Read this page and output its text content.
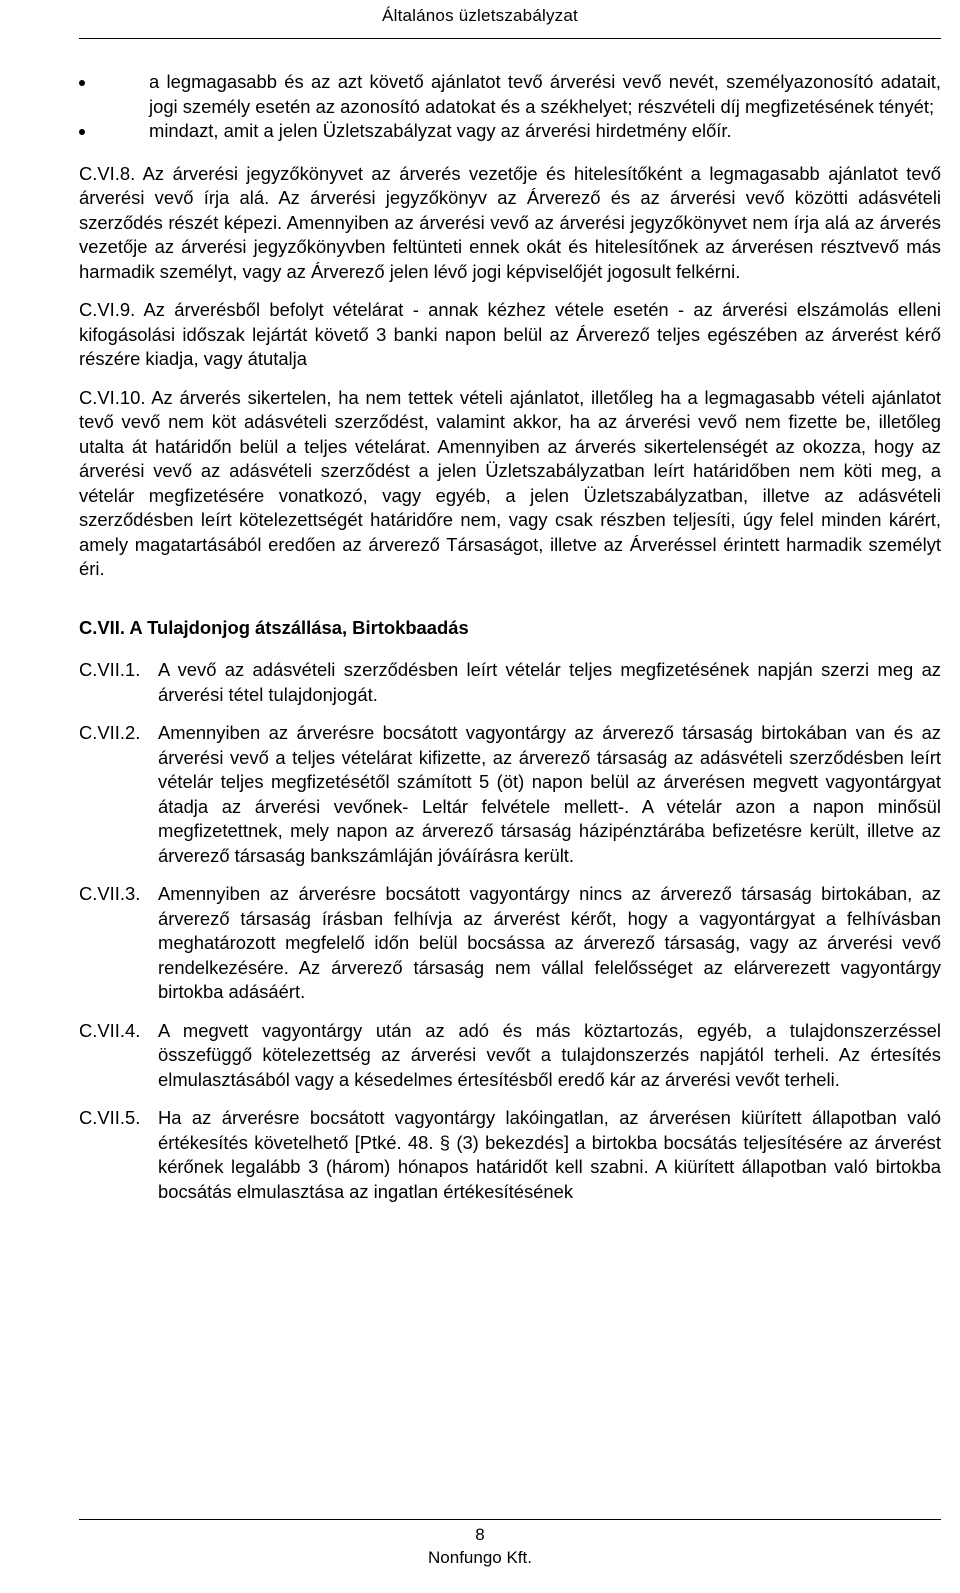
Általános üzletszabályzat
a legmagasabb és az azt követő ajánlatot tevő árverési vevő nevét, személyazonosító adatait, jogi személy esetén az azonosító adatokat és a székhelyet; részvételi díj megfizetésének tényét;
mindazt, amit a jelen Üzletszabályzat vagy az árverési hirdetmény előír.
C.VI.8. Az árverési jegyzőkönyvet az árverés vezetője és hitelesítőként a legmagasabb ajánlatot tevő árverési vevő írja alá. Az árverési jegyzőkönyv az Árverező és az árverési vevő közötti adásvételi szerződés részét képezi. Amennyiben az árverési vevő az árverési jegyzőkönyvet nem írja alá az árverés vezetője az árverési jegyzőkönyvben feltünteti ennek okát és hitelesítőnek az árverésen résztvevő más harmadik személyt, vagy az Árverező jelen lévő jogi képviselőjét jogosult felkérni.
C.VI.9. Az árverésből befolyt vételárat - annak kézhez vétele esetén - az árverési elszámolás elleni kifogásolási időszak lejártát követő 3 banki napon belül az Árverező teljes egészében az árverést kérő részére kiadja, vagy átutalja
C.VI.10. Az árverés sikertelen, ha nem tettek vételi ajánlatot, illetőleg ha a legmagasabb vételi ajánlatot tevő vevő nem köt adásvételi szerződést, valamint akkor, ha az árverési vevő nem fizette be, illetőleg utalta át határidőn belül a teljes vételárat. Amennyiben az árverés sikertelenségét az okozza, hogy az árverési vevő az adásvételi szerződést a jelen Üzletszabályzatban leírt határidőben nem köti meg, a vételár megfizetésére vonatkozó, vagy egyéb, a jelen Üzletszabályzatban, illetve az adásvételi szerződésben leírt kötelezettségét határidőre nem, vagy csak részben teljesíti, úgy felel minden kárért, amely magatartásából eredően az árverező Társaságot, illetve az Árveréssel érintett harmadik személyt éri.
C.VII. A Tulajdonjog átszállása, Birtokbaadás
C.VII.1. A vevő az adásvételi szerződésben leírt vételár teljes megfizetésének napján szerzi meg az árverési tétel tulajdonjogát.
C.VII.2. Amennyiben az árverésre bocsátott vagyontárgy az árverező társaság birtokában van és az árverési vevő a teljes vételárat kifizette, az árverező társaság az adásvételi szerződésben leírt vételár teljes megfizetésétől számított 5 (öt) napon belül az árverésen megvett vagyontárgyat átadja az árverési vevőnek- Leltár felvétele mellett-. A vételár azon a napon minősül megfizetettnek, mely napon az árverező társaság házipénztárába befizetésre került, illetve az árverező társaság bankszámláján jóváírásra került.
C.VII.3. Amennyiben az árverésre bocsátott vagyontárgy nincs az árverező társaság birtokában, az árverező társaság írásban felhívja az árverést kérőt, hogy a vagyontárgyat a felhívásban meghatározott megfelelő időn belül bocsássa az árverező társaság, vagy az árverési vevő rendelkezésére. Az árverező társaság nem vállal felelősséget az elárverezett vagyontárgy birtokba adásáért.
C.VII.4. A megvett vagyontárgy után az adó és más köztartozás, egyéb, a tulajdonszerzéssel összefüggő kötelezettség az árverési vevőt a tulajdonszerzés napjától terheli. Az értesítés elmulasztásából vagy a késedelmes értesítésből eredő kár az árverési vevőt terheli.
C.VII.5. Ha az árverésre bocsátott vagyontárgy lakóingatlan, az árverésen kiürített állapotban való értékesítés követelhető [Ptké. 48. § (3) bekezdés] a birtokba bocsátás teljesítésére az árverést kérőnek legalább 3 (három) hónapos határidőt kell szabni. A kiürített állapotban való birtokba bocsátás elmulasztása az ingatlan értékesítésének
8
Nonfungo Kft.
